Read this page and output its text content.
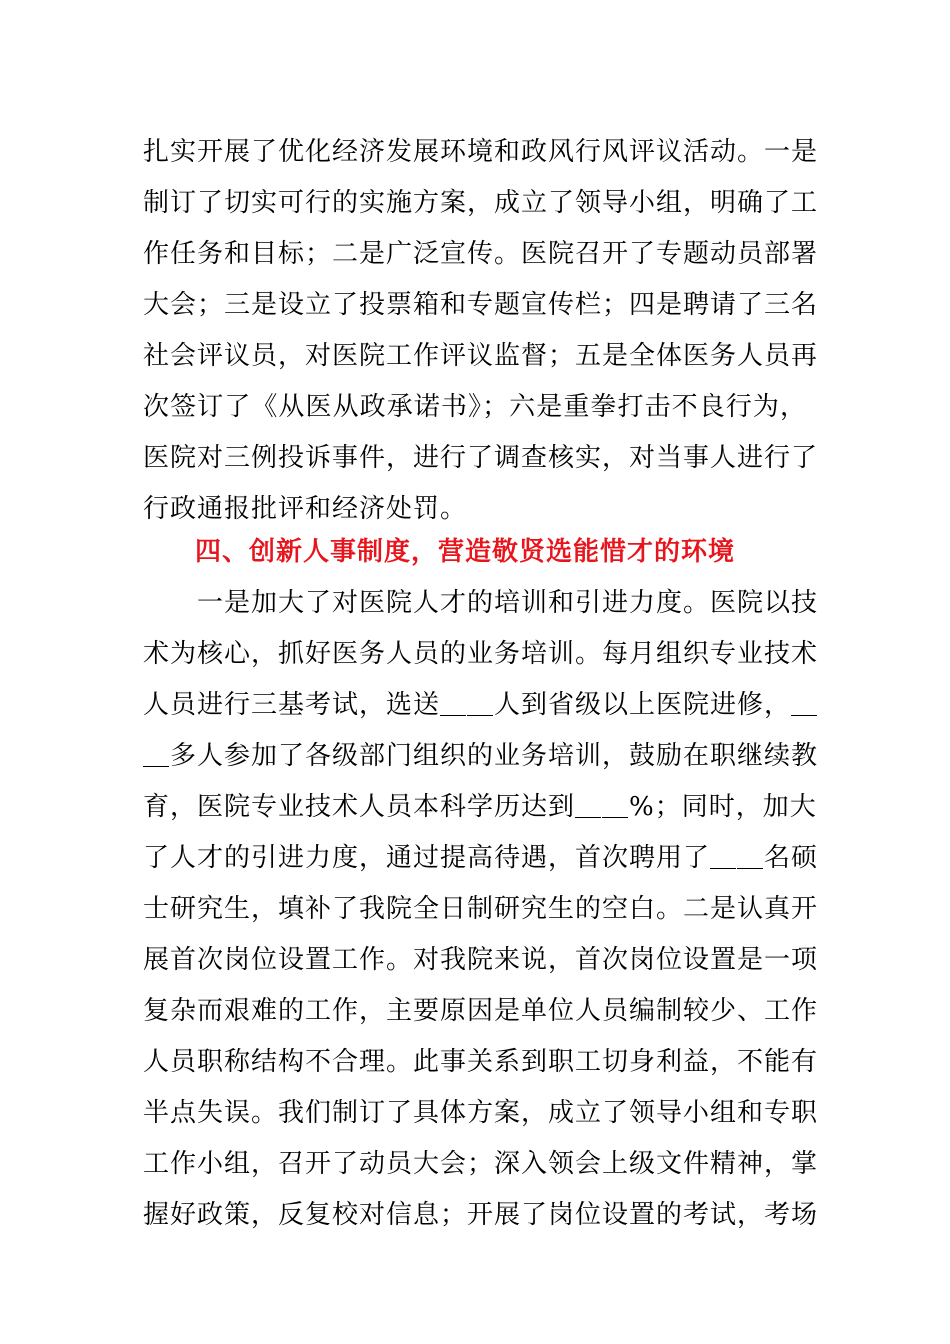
扎实开展了优化经济发展环境和政风行风评议活动。一是
制订了切实可行的实施方案，成立了领导小组，明确了工
作任务和目标；二是广泛宣传。医院召开了专题动员部署
大会；三是设立了投票箱和专题宣传栏；四是聘请了三名
社会评议员，对医院工作评议监督；五是全体医务人员再
次签订了《从医从政承诺书》；六是重拳打击不良行为，
医院对三例投诉事件，进行了调查核实，对当事人进行了
行政通报批评和经济处罚。
四、创新人事制度，营造敬贤选能惜才的环境
　　一是加大了对医院人才的培训和引进力度。医院以技
术为核心，抓好医务人员的业务培训。每月组织专业技术
人员进行三基考试，选送＿＿人到省级以上医院进修，＿
＿多人参加了各级部门组织的业务培训，鼓励在职继续教
育，医院专业技术人员本科学历达到＿＿%；同时，加大
了人才的引进力度，通过提高待遇，首次聘用了＿＿名硕
士研究生，填补了我院全日制研究生的空白。二是认真开
展首次岗位设置工作。对我院来说，首次岗位设置是一项
复杂而艰难的工作，主要原因是单位人员编制较少、工作
人员职称结构不合理。此事关系到职工切身利益，不能有
半点失误。我们制订了具体方案，成立了领导小组和专职
工作小组，召开了动员大会；深入领会上级文件精神，掌
握好政策，反复校对信息；开展了岗位设置的考试，考场
